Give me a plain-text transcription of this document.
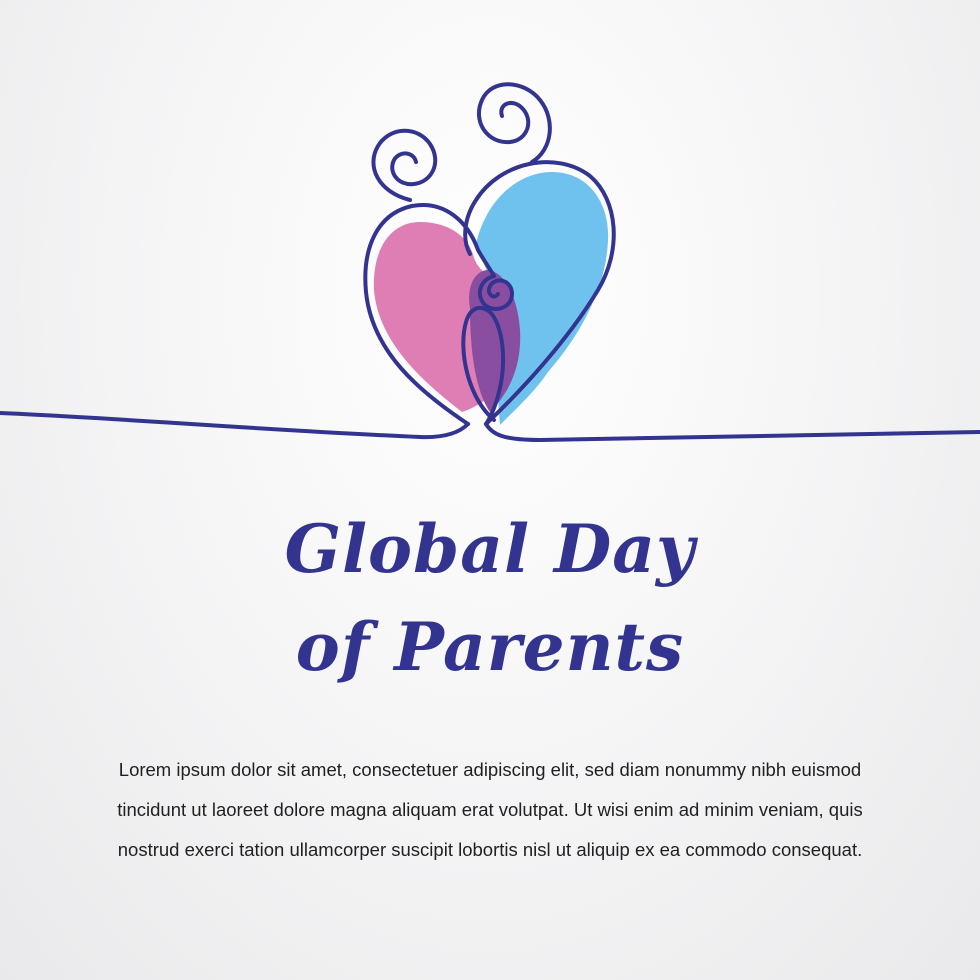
Global Day
of Parents
Lorem ipsum dolor sit amet, consectetuer adipiscing elit, sed diam nonummy nibh euismod tincidunt ut laoreet dolore magna aliquam erat volutpat. Ut wisi enim ad minim veniam, quis nostrud exerci tation ullamcorper suscipit lobortis nisl ut aliquip ex ea commodo consequat.
